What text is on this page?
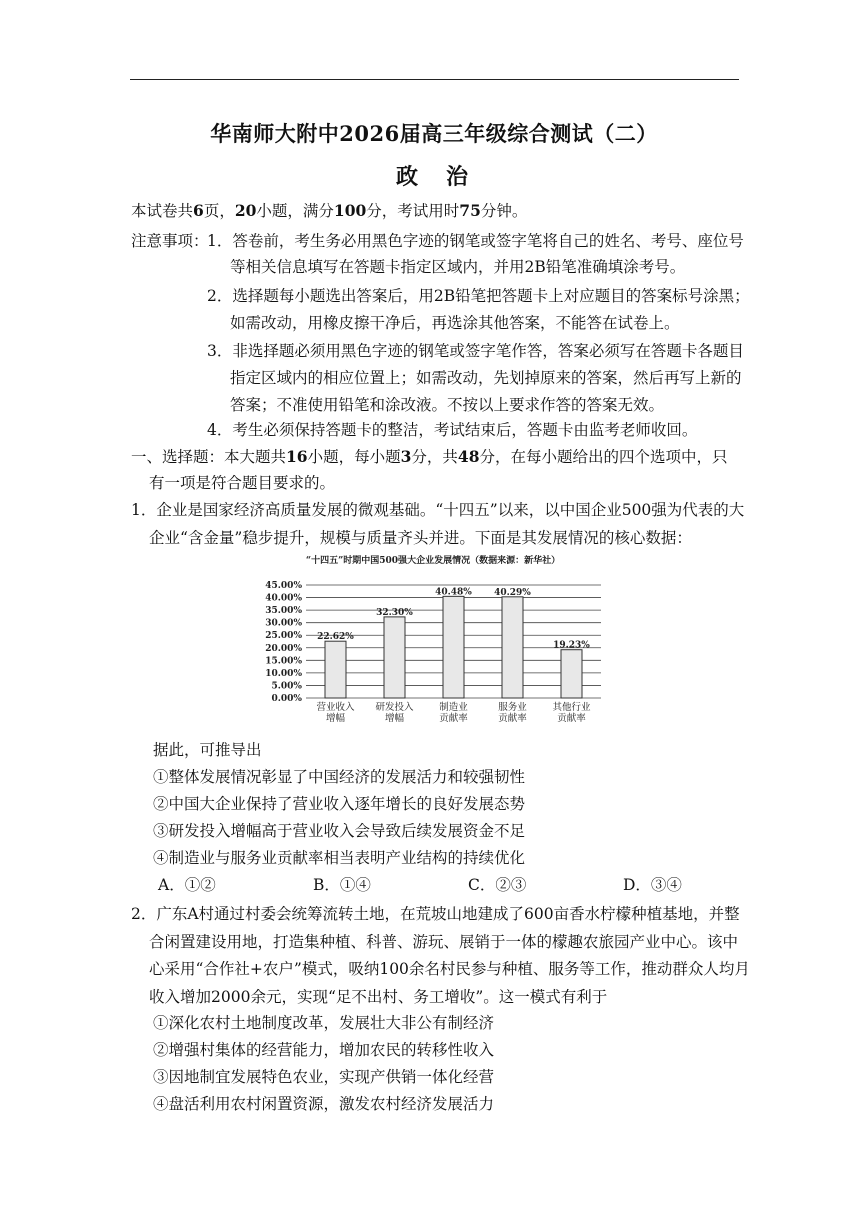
华南师大附中2026届高三年级综合测试（二）
政治
本试卷共6页，20小题，满分100分，考试用时75分钟。
注意事项：
1．答卷前，考生务必用黑色字迹的钢笔或签字笔将自己的姓名、考号、座位号
等相关信息填写在答题卡指定区域内，并用2B铅笔准确填涂考号。
2．选择题每小题选出答案后，用2B铅笔把答题卡上对应题目的答案标号涂黑；
如需改动，用橡皮擦干净后，再选涂其他答案，不能答在试卷上。
3．非选择题必须用黑色字迹的钢笔或签字笔作答，答案必须写在答题卡各题目
指定区域内的相应位置上；如需改动，先划掉原来的答案，然后再写上新的
答案；不准使用铅笔和涂改液。不按以上要求作答的答案无效。
4．考生必须保持答题卡的整洁，考试结束后，答题卡由监考老师收回。
一、选择题：本大题共16小题，每小题3分，共48分，在每小题给出的四个选项中，只
有一项是符合题目要求的。
1．企业是国家经济高质量发展的微观基础。“十四五”以来，以中国企业500强为代表的大
企业“含金量”稳步提升，规模与质量齐头并进。下面是其发展情况的核心数据：
“十四五”时期中国500强大企业发展情况（数据来源：新华社）
0.00%
5.00%
10.00%
15.00%
20.00%
25.00%
30.00%
35.00%
40.00%
45.00%
22.62%
营业收入
增幅
32.30%
研发投入
增幅
40.48%
制造业
贡献率
40.29%
服务业
贡献率
19.23%
其他行业
贡献率
据此，可推导出
①整体发展情况彰显了中国经济的发展活力和较强韧性
②中国大企业保持了营业收入逐年增长的良好发展态势
③研发投入增幅高于营业收入会导致后续发展资金不足
④制造业与服务业贡献率相当表明产业结构的持续优化
A．①②	B．①④	C．②③	D．③④
2．广东A村通过村委会统筹流转土地，在荒坡山地建成了600亩香水柠檬种植基地，并整
合闲置建设用地，打造集种植、科普、游玩、展销于一体的檬趣农旅园产业中心。该中
心采用“合作社+农户”模式，吸纳100余名村民参与种植、服务等工作，推动群众人均月
收入增加2000余元，实现“足不出村、务工增收”。这一模式有利于
①深化农村土地制度改革，发展壮大非公有制经济
②增强村集体的经营能力，增加农民的转移性收入
③因地制宜发展特色农业，实现产供销一体化经营
④盘活利用农村闲置资源，激发农村经济发展活力
